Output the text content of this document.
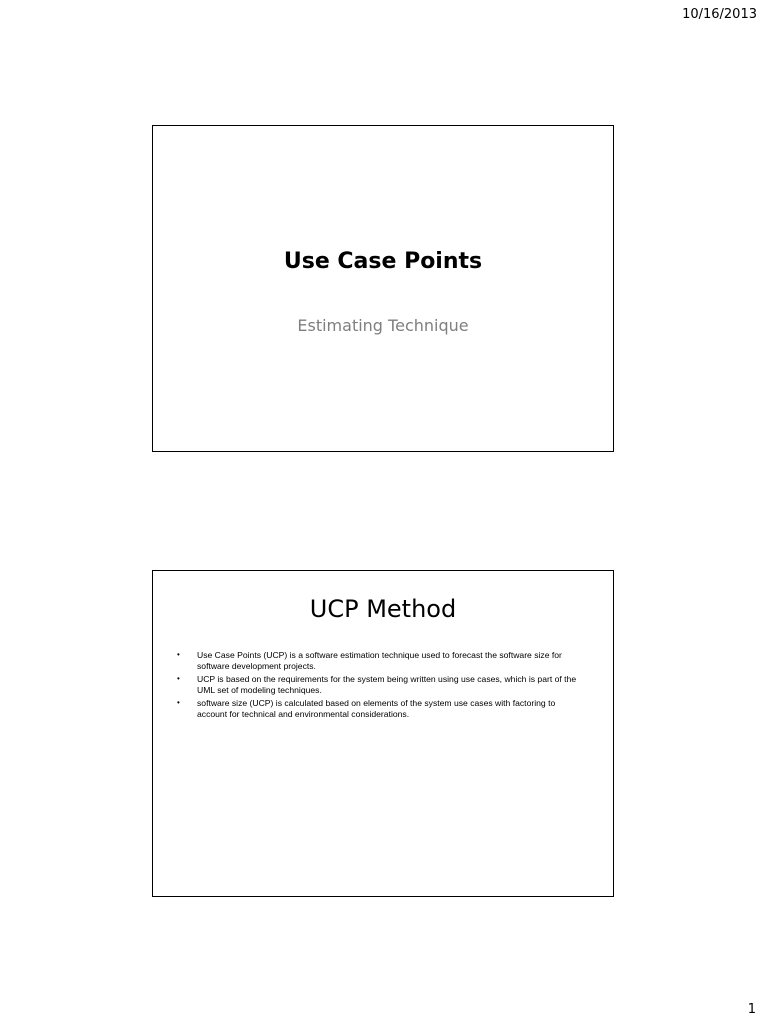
10/16/2013
Use Case Points
Estimating Technique
UCP Method
• Use Case Points (UCP) is a software estimation technique used to forecast the software size for software development projects.
• UCP is based on the requirements for the system being written using use cases, which is part of the UML set of modeling techniques.
• software size (UCP) is calculated based on elements of the system use cases with factoring to account for technical and environmental considerations.
1
